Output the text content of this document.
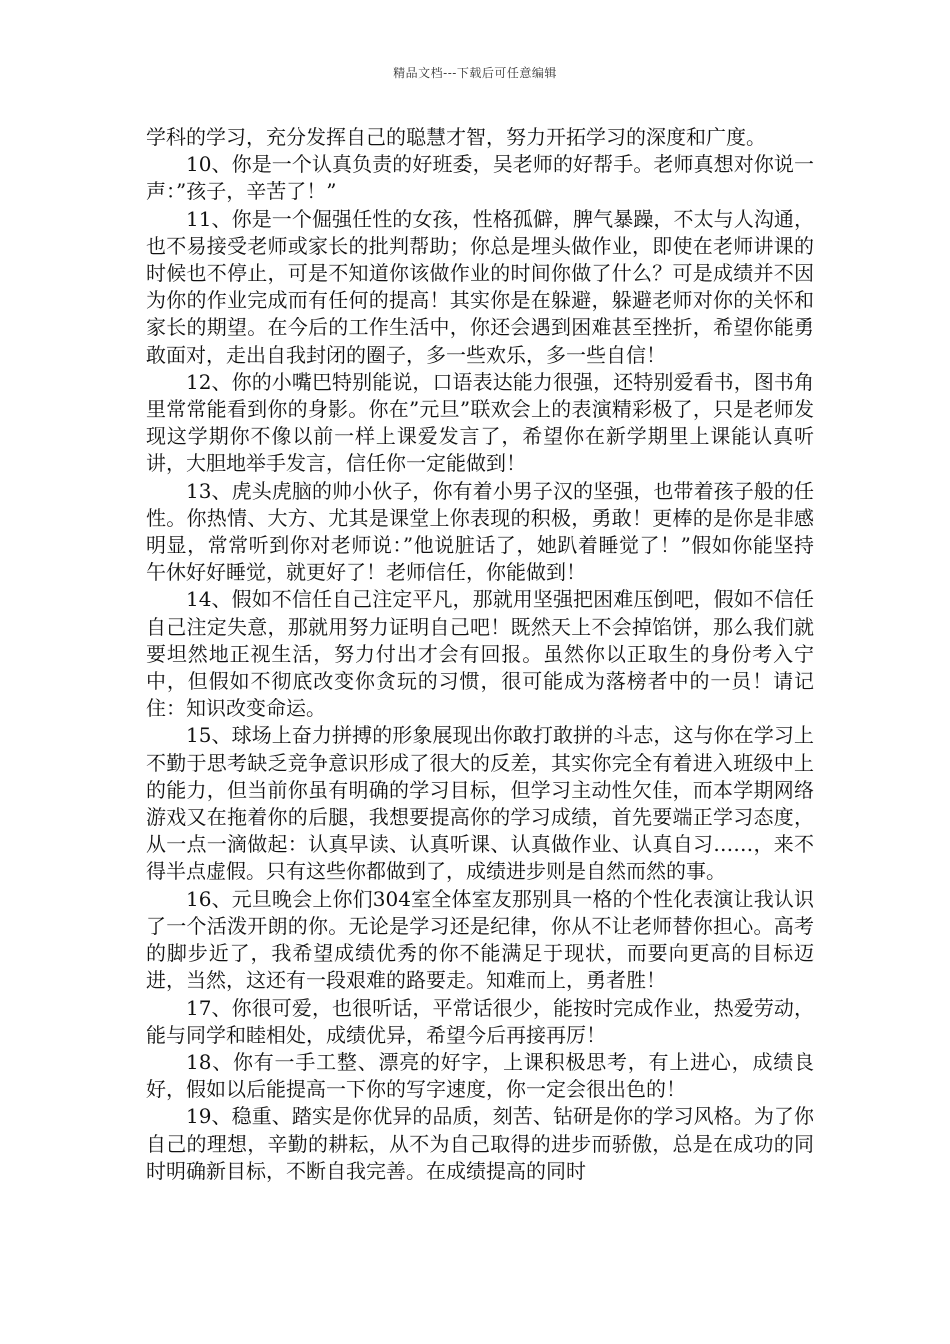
精品文档---下载后可任意编辑

学科的学习，充分发挥自己的聪慧才智，努力开拓学习的深度和广度。

10、你是一个认真负责的好班委，吴老师的好帮手。老师真想对你说一声：”孩子，辛苦了！”

11、你是一个倔强任性的女孩，性格孤僻，脾气暴躁，不太与人沟通，也不易接受老师或家长的批判帮助；你总是埋头做作业，即使在老师讲课的时候也不停止，可是不知道你该做作业的时间你做了什么？可是成绩并不因为你的作业完成而有任何的提高！其实你是在躲避，躲避老师对你的关怀和家长的期望。在今后的工作生活中，你还会遇到困难甚至挫折，希望你能勇敢面对，走出自我封闭的圈子，多一些欢乐，多一些自信！

12、你的小嘴巴特别能说，口语表达能力很强，还特别爱看书，图书角里常常能看到你的身影。你在”元旦”联欢会上的表演精彩极了，只是老师发现这学期你不像以前一样上课爱发言了，希望你在新学期里上课能认真听讲，大胆地举手发言，信任你一定能做到！

13、虎头虎脑的帅小伙子，你有着小男子汉的坚强，也带着孩子般的任性。你热情、大方、尤其是课堂上你表现的积极，勇敢！更棒的是你是非感明显，常常听到你对老师说：”他说脏话了，她趴着睡觉了！”假如你能坚持午休好好睡觉，就更好了！老师信任，你能做到！

14、假如不信任自己注定平凡，那就用坚强把困难压倒吧，假如不信任自己注定失意，那就用努力证明自己吧！既然天上不会掉馅饼，那么我们就要坦然地正视生活，努力付出才会有回报。虽然你以正取生的身份考入宁中，但假如不彻底改变你贪玩的习惯，很可能成为落榜者中的一员！请记住：知识改变命运。

15、球场上奋力拼搏的形象展现出你敢打敢拼的斗志，这与你在学习上不勤于思考缺乏竞争意识形成了很大的反差，其实你完全有着进入班级中上的能力，但当前你虽有明确的学习目标，但学习主动性欠佳，而本学期网络游戏又在拖着你的后腿，我想要提高你的学习成绩，首先要端正学习态度，从一点一滴做起：认真早读、认真听课、认真做作业、认真自习……，来不得半点虚假。只有这些你都做到了，成绩进步则是自然而然的事。

16、元旦晚会上你们304室全体室友那别具一格的个性化表演让我认识了一个活泼开朗的你。无论是学习还是纪律，你从不让老师替你担心。高考的脚步近了，我希望成绩优秀的你不能满足于现状，而要向更高的目标迈进，当然，这还有一段艰难的路要走。知难而上，勇者胜！

17、你很可爱，也很听话，平常话很少，能按时完成作业，热爱劳动，能与同学和睦相处，成绩优异，希望今后再接再厉！

18、你有一手工整、漂亮的好字，上课积极思考，有上进心，成绩良好，假如以后能提高一下你的写字速度，你一定会很出色的！

19、稳重、踏实是你优异的品质，刻苦、钻研是你的学习风格。为了你自己的理想，辛勤的耕耘，从不为自己取得的进步而骄傲，总是在成功的同时明确新目标，不断自我完善。在成绩提高的同时
